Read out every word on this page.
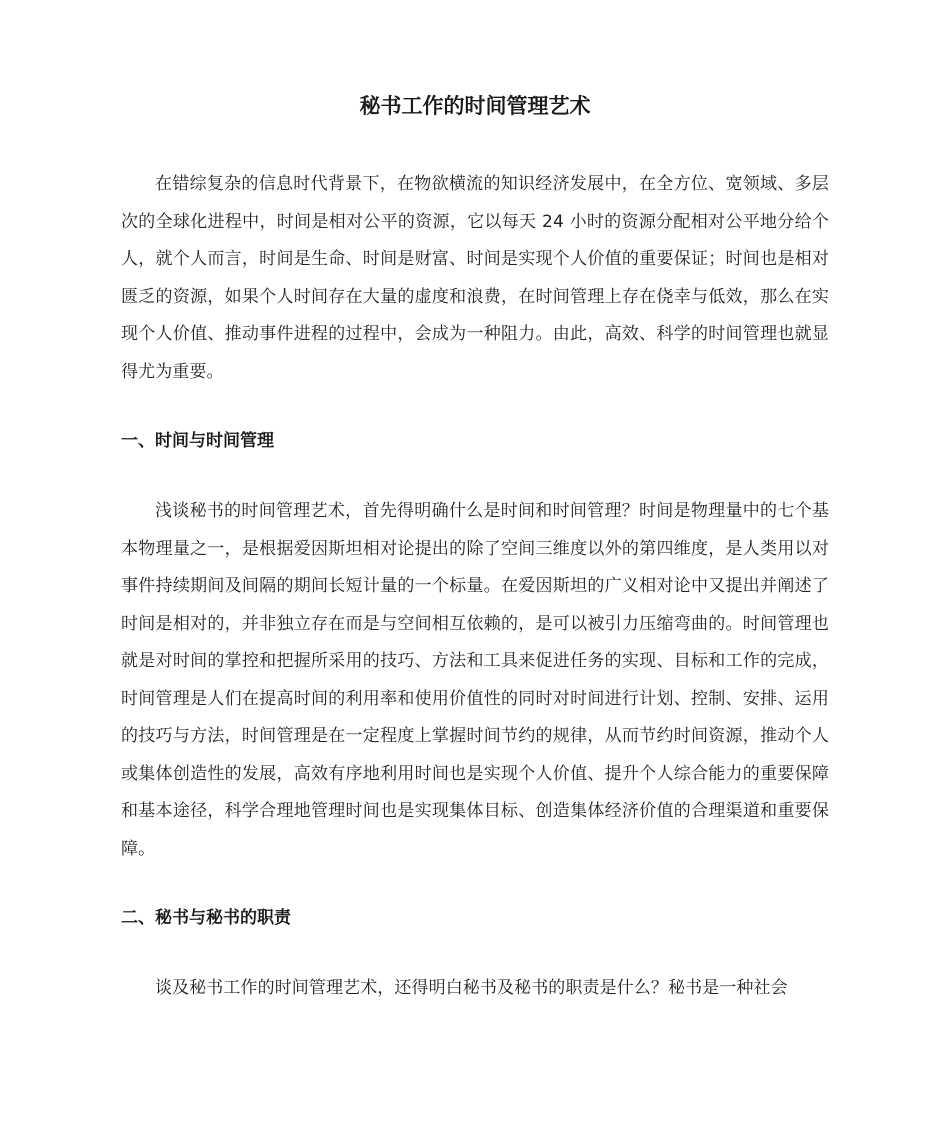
秘书工作的时间管理艺术

在错综复杂的信息时代背景下，在物欲横流的知识经济发展中，在全方位、宽领域、多层次的全球化进程中，时间是相对公平的资源，它以每天 24 小时的资源分配相对公平地分给个人，就个人而言，时间是生命、时间是财富、时间是实现个人价值的重要保证；时间也是相对匮乏的资源，如果个人时间存在大量的虚度和浪费，在时间管理上存在侥幸与低效，那么在实现个人价值、推动事件进程的过程中，会成为一种阻力。由此，高效、科学的时间管理也就显得尤为重要。

一、时间与时间管理

浅谈秘书的时间管理艺术，首先得明确什么是时间和时间管理？时间是物理量中的七个基本物理量之一，是根据爱因斯坦相对论提出的除了空间三维度以外的第四维度，是人类用以对事件持续期间及间隔的期间长短计量的一个标量。在爱因斯坦的广义相对论中又提出并阐述了时间是相对的，并非独立存在而是与空间相互依赖的，是可以被引力压缩弯曲的。时间管理也就是对时间的掌控和把握所采用的技巧、方法和工具来促进任务的实现、目标和工作的完成，时间管理是人们在提高时间的利用率和使用价值性的同时对时间进行计划、控制、安排、运用的技巧与方法，时间管理是在一定程度上掌握时间节约的规律，从而节约时间资源，推动个人或集体创造性的发展，高效有序地利用时间也是实现个人价值、提升个人综合能力的重要保障和基本途径，科学合理地管理时间也是实现集体目标、创造集体经济价值的合理渠道和重要保障。

二、秘书与秘书的职责

谈及秘书工作的时间管理艺术，还得明白秘书及秘书的职责是什么？秘书是一种社会
